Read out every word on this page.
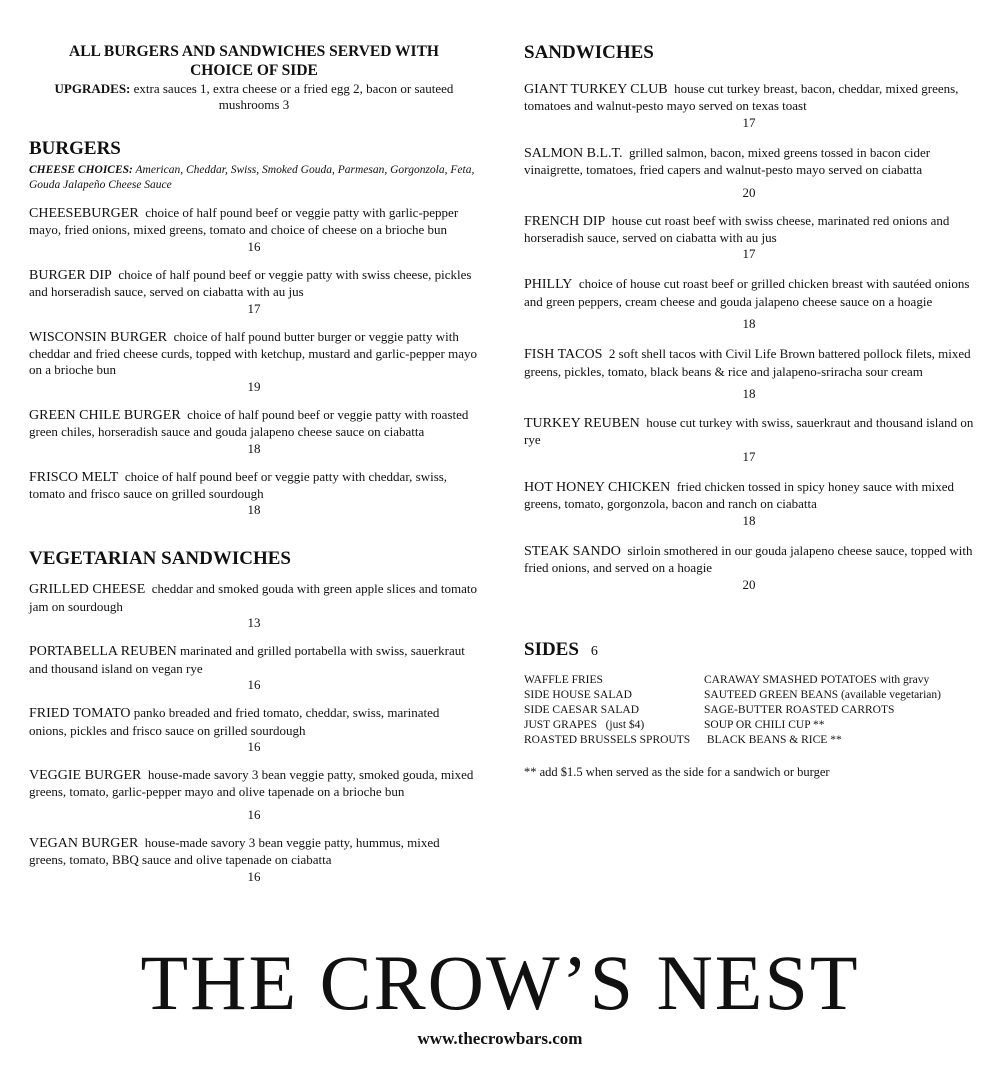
ALL BURGERS AND SANDWICHES SERVED WITH CHOICE OF SIDE
UPGRADES: extra sauces 1, extra cheese or a fried egg 2, bacon or sauteed mushrooms 3
BURGERS
CHEESE CHOICES: American, Cheddar, Swiss, Smoked Gouda, Parmesan, Gorgonzola, Feta, Gouda Jalapeño Cheese Sauce
CHEESEBURGER choice of half pound beef or veggie patty with garlic-pepper mayo, fried onions, mixed greens, tomato and choice of cheese on a brioche bun
16
BURGER DIP choice of half pound beef or veggie patty with swiss cheese, pickles and horseradish sauce, served on ciabatta with au jus
17
WISCONSIN BURGER choice of half pound butter burger or veggie patty with cheddar and fried cheese curds, topped with ketchup, mustard and garlic-pepper mayo on a brioche bun
19
GREEN CHILE BURGER choice of half pound beef or veggie patty with roasted green chiles, horseradish sauce and gouda jalapeno cheese sauce on ciabatta
18
FRISCO MELT choice of half pound beef or veggie patty with cheddar, swiss, tomato and frisco sauce on grilled sourdough
18
VEGETARIAN SANDWICHES
GRILLED CHEESE cheddar and smoked gouda with green apple slices and tomato jam on sourdough
13
PORTABELLA REUBEN marinated and grilled portabella with swiss, sauerkraut and thousand island on vegan rye
16
FRIED TOMATO panko breaded and fried tomato, cheddar, swiss, marinated onions, pickles and frisco sauce on grilled sourdough
16
VEGGIE BURGER house-made savory 3 bean veggie patty, smoked gouda, mixed greens, tomato, garlic-pepper mayo and olive tapenade on a brioche bun
16
VEGAN BURGER house-made savory 3 bean veggie patty, hummus, mixed greens, tomato, BBQ sauce and olive tapenade on ciabatta
16
SANDWICHES
GIANT TURKEY CLUB house cut turkey breast, bacon, cheddar, mixed greens, tomatoes and walnut-pesto mayo served on texas toast
17
SALMON B.L.T. grilled salmon, bacon, mixed greens tossed in bacon cider vinaigrette, tomatoes, fried capers and walnut-pesto mayo served on ciabatta
20
FRENCH DIP house cut roast beef with swiss cheese, marinated red onions and horseradish sauce, served on ciabatta with au jus
17
PHILLY choice of house cut roast beef or grilled chicken breast with sautéed onions and green peppers, cream cheese and gouda jalapeno cheese sauce on a hoagie
18
FISH TACOS 2 soft shell tacos with Civil Life Brown battered pollock filets, mixed greens, pickles, tomato, black beans & rice and jalapeno-sriracha sour cream
18
TURKEY REUBEN house cut turkey with swiss, sauerkraut and thousand island on rye
17
HOT HONEY CHICKEN fried chicken tossed in spicy honey sauce with mixed greens, tomato, gorgonzola, bacon and ranch on ciabatta
18
STEAK SANDO sirloin smothered in our gouda jalapeno cheese sauce, topped with fried onions, and served on a hoagie
20
SIDES 6
WAFFLE FRIES	CARAWAY SMASHED POTATOES with gravy
SIDE HOUSE SALAD	SAUTEED GREEN BEANS (available vegetarian)
SIDE CAESAR SALAD	SAGE-BUTTER ROASTED CARROTS
JUST GRAPES   (just $4)	SOUP OR CHILI CUP **
ROASTED BRUSSELS SPROUTS	BLACK BEANS & RICE **
** add $1.5 when served as the side for a sandwich or burger
THE CROW’S NEST
www.thecrowbars.com
